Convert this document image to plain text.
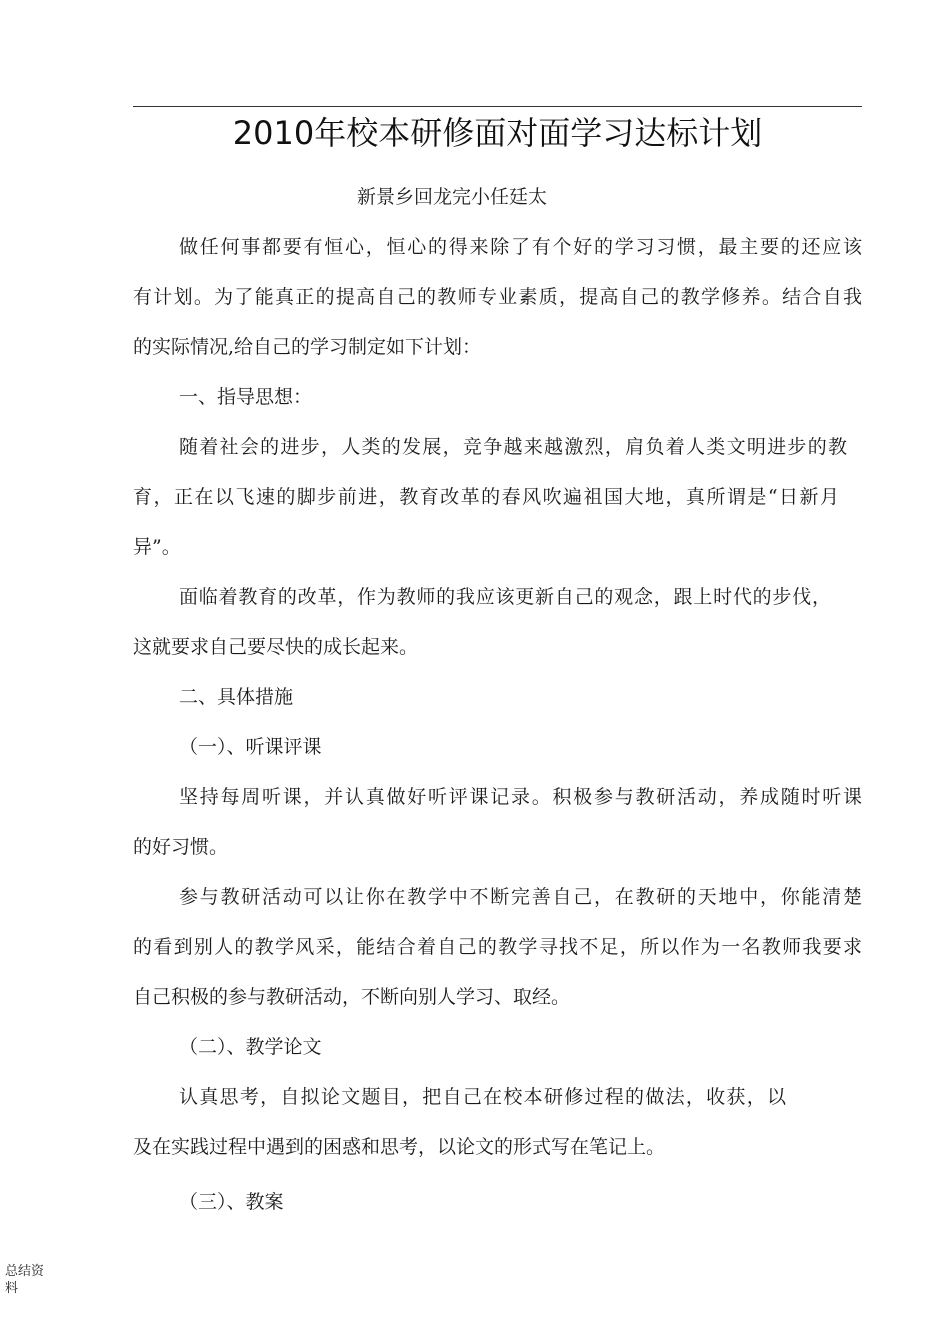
2010年校本研修面对面学习达标计划
新景乡回龙完小任廷太
做任何事都要有恒心，恒心的得来除了有个好的学习习惯，最主要的还应该
有计划。为了能真正的提高自己的教师专业素质，提高自己的教学修养。结合自我
的实际情况,给自己的学习制定如下计划：
一、指导思想：
随着社会的进步，人类的发展，竞争越来越激烈，肩负着人类文明进步的教
育，正在以飞速的脚步前进，教育改革的春风吹遍祖国大地，真所谓是“日新月
异”。
面临着教育的改革，作为教师的我应该更新自己的观念，跟上时代的步伐，
这就要求自己要尽快的成长起来。
二、具体措施
（一）、听课评课
坚持每周听课，并认真做好听评课记录。积极参与教研活动，养成随时听课
的好习惯。
参与教研活动可以让你在教学中不断完善自己，在教研的天地中，你能清楚
的看到别人的教学风采，能结合着自己的教学寻找不足，所以作为一名教师我要求
自己积极的参与教研活动，不断向别人学习、取经。
（二）、教学论文
认真思考，自拟论文题目，把自己在校本研修过程的做法，收获，以
及在实践过程中遇到的困惑和思考，以论文的形式写在笔记上。
（三）、教案
总结资
料
